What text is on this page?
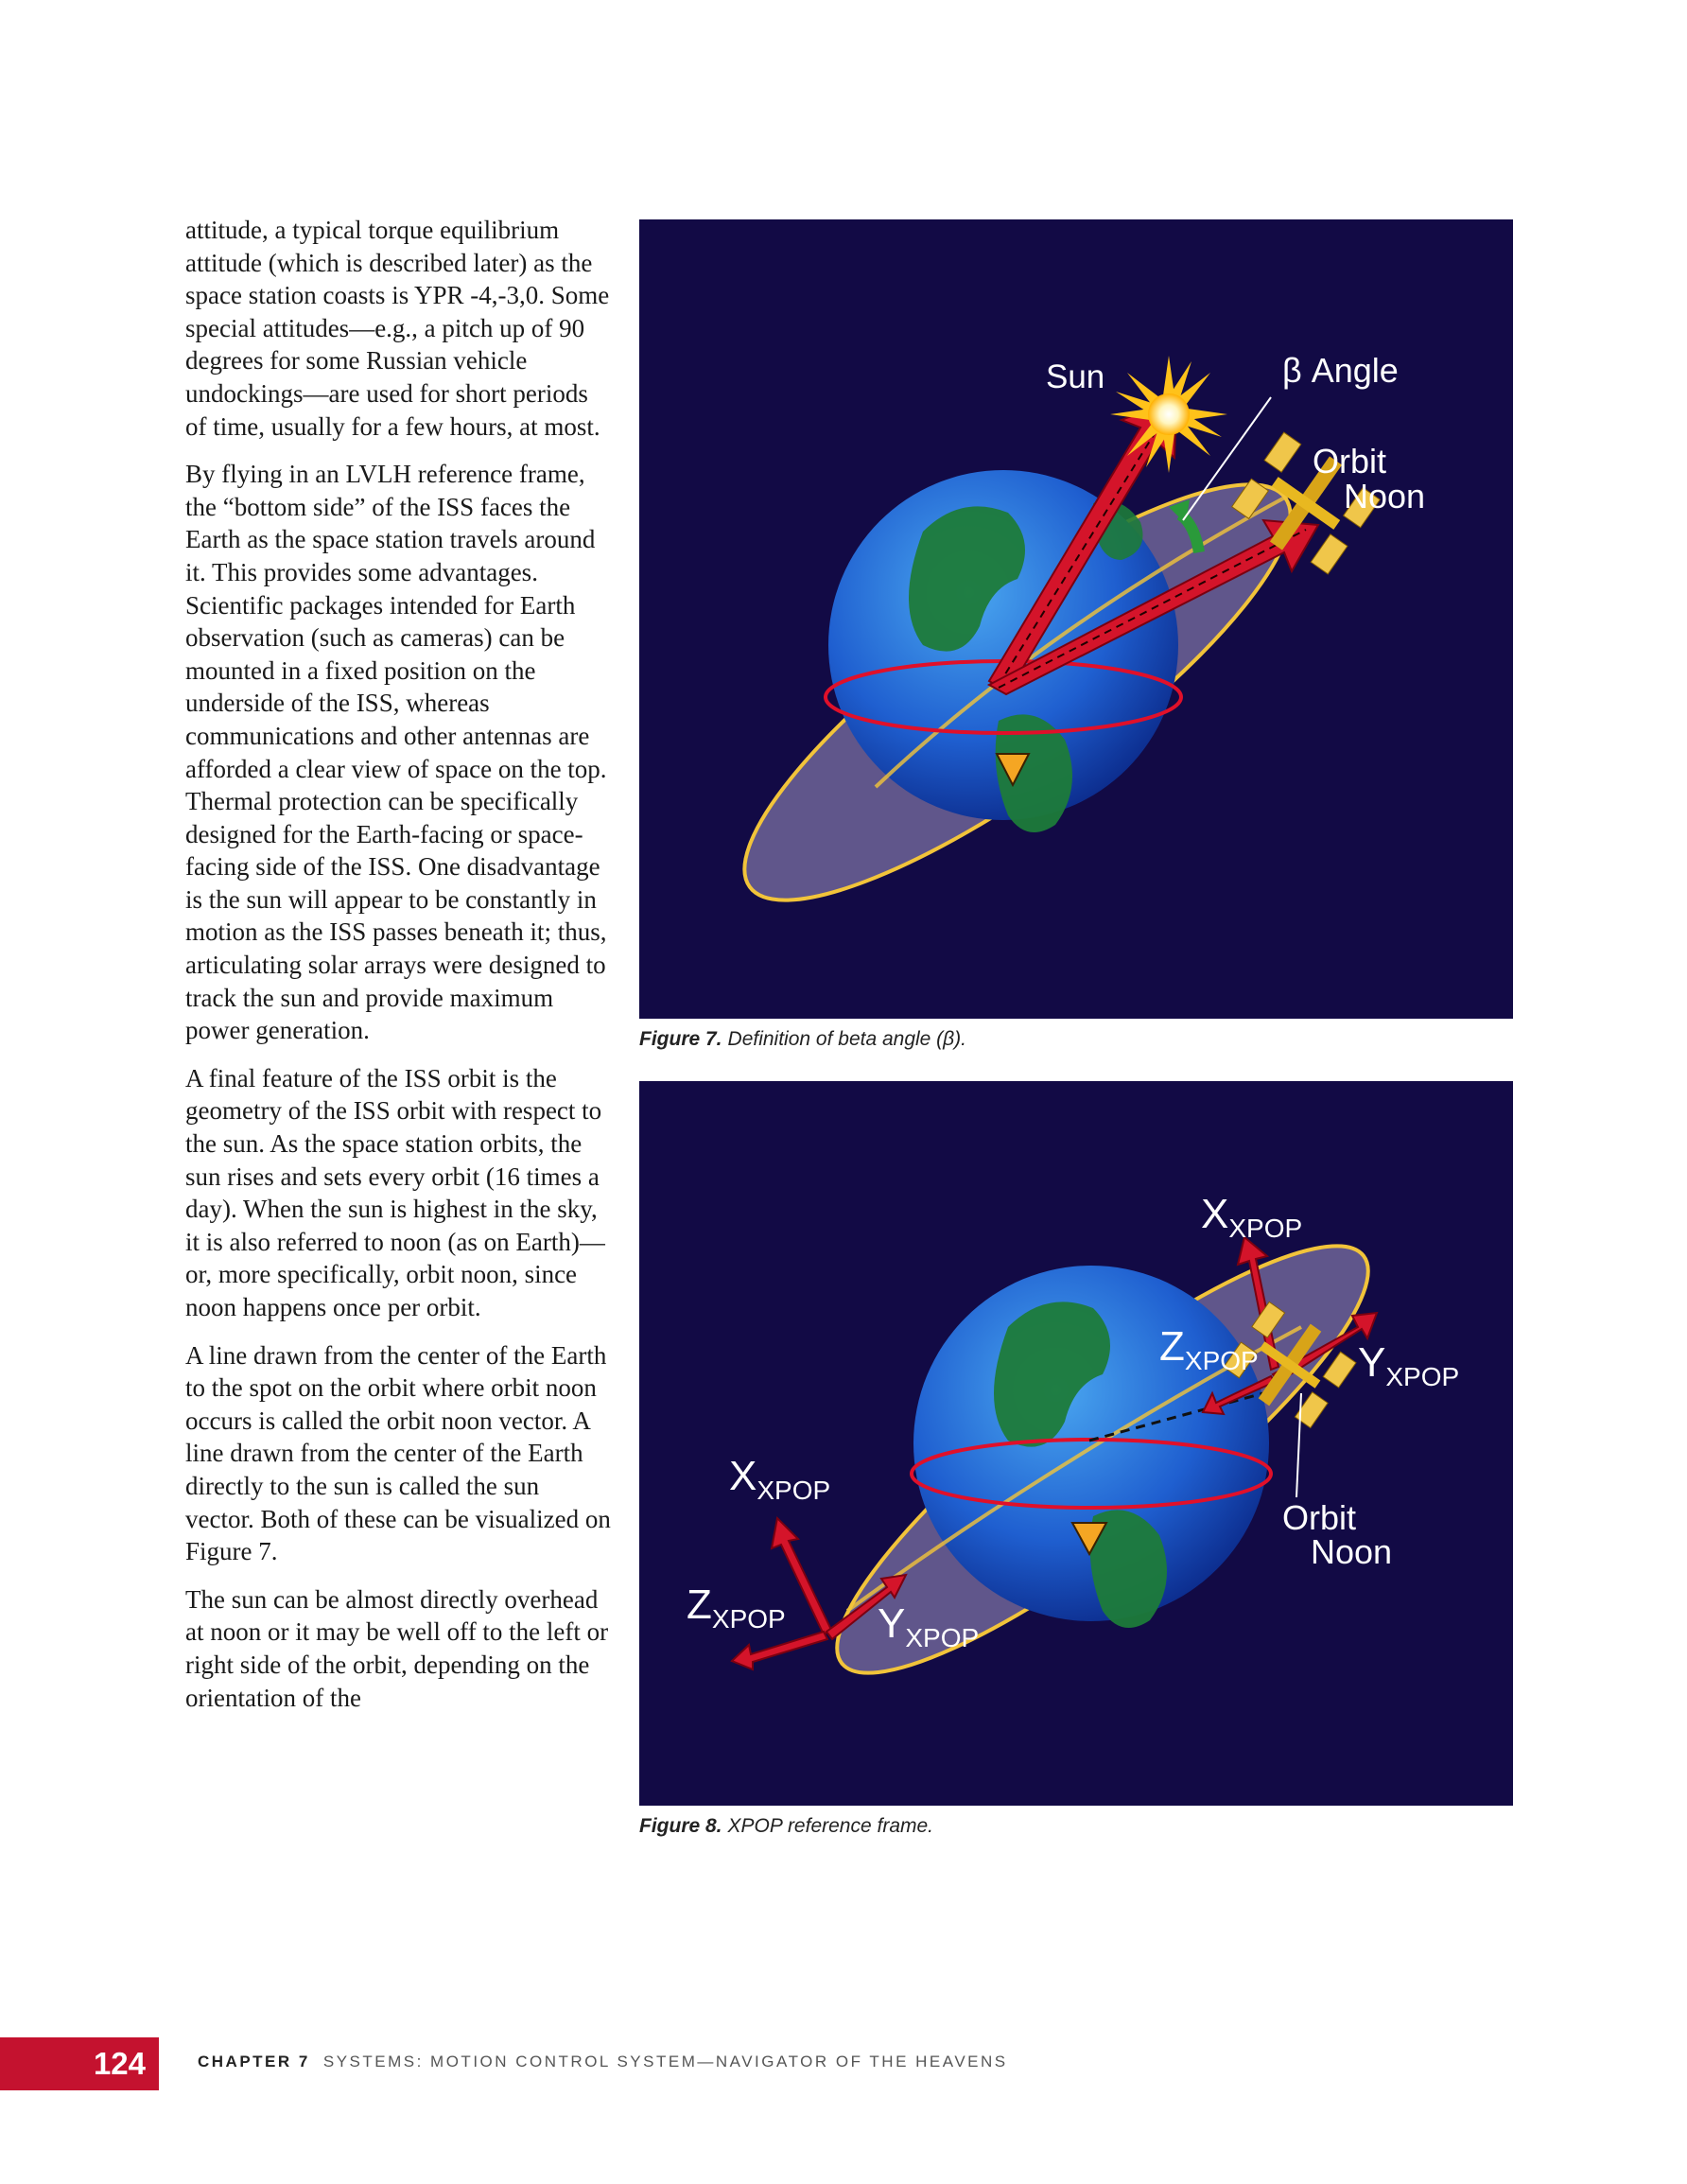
attitude, a typical torque equilibrium attitude (which is described later) as the space station coasts is YPR -4,-3,0. Some special attitudes—e.g., a pitch up of 90 degrees for some Russian vehicle undockings—are used for short periods of time, usually for a few hours, at most.

By flying in an LVLH reference frame, the “bottom side” of the ISS faces the Earth as the space station travels around it. This provides some advantages. Scientific packages intended for Earth observation (such as cameras) can be mounted in a fixed position on the underside of the ISS, whereas communications and other antennas are afforded a clear view of space on the top. Thermal protection can be specifically designed for the Earth-facing or space-facing side of the ISS. One disadvantage is the sun will appear to be constantly in motion as the ISS passes beneath it; thus, articulating solar arrays were designed to track the sun and provide maximum power generation.

A final feature of the ISS orbit is the geometry of the ISS orbit with respect to the sun. As the space station orbits, the sun rises and sets every orbit (16 times a day). When the sun is highest in the sky, it is also referred to noon (as on Earth)—or, more specifically, orbit noon, since noon happens once per orbit.

A line drawn from the center of the Earth to the spot on the orbit where orbit noon occurs is called the orbit noon vector. A line drawn from the center of the Earth directly to the sun is called the sun vector. Both of these can be visualized on Figure 7.

The sun can be almost directly overhead at noon or it may be well off to the left or right side of the orbit, depending on the orientation of the

Sun	β Angle
Orbit
Noon
Figure 7. Definition of beta angle (β).
$X_{XPOP}$
$Z_{XPOP}$ $Y_{XPOP}$
Orbit
Noon
$X_{XPOP}$
$Z_{XPOP}$ $Y_{XPOP}$
Figure 8. XPOP reference frame.
124	CHAPTER 7 SYSTEMS: MOTION CONTROL SYSTEM—NAVIGATOR OF THE HEAVENS
